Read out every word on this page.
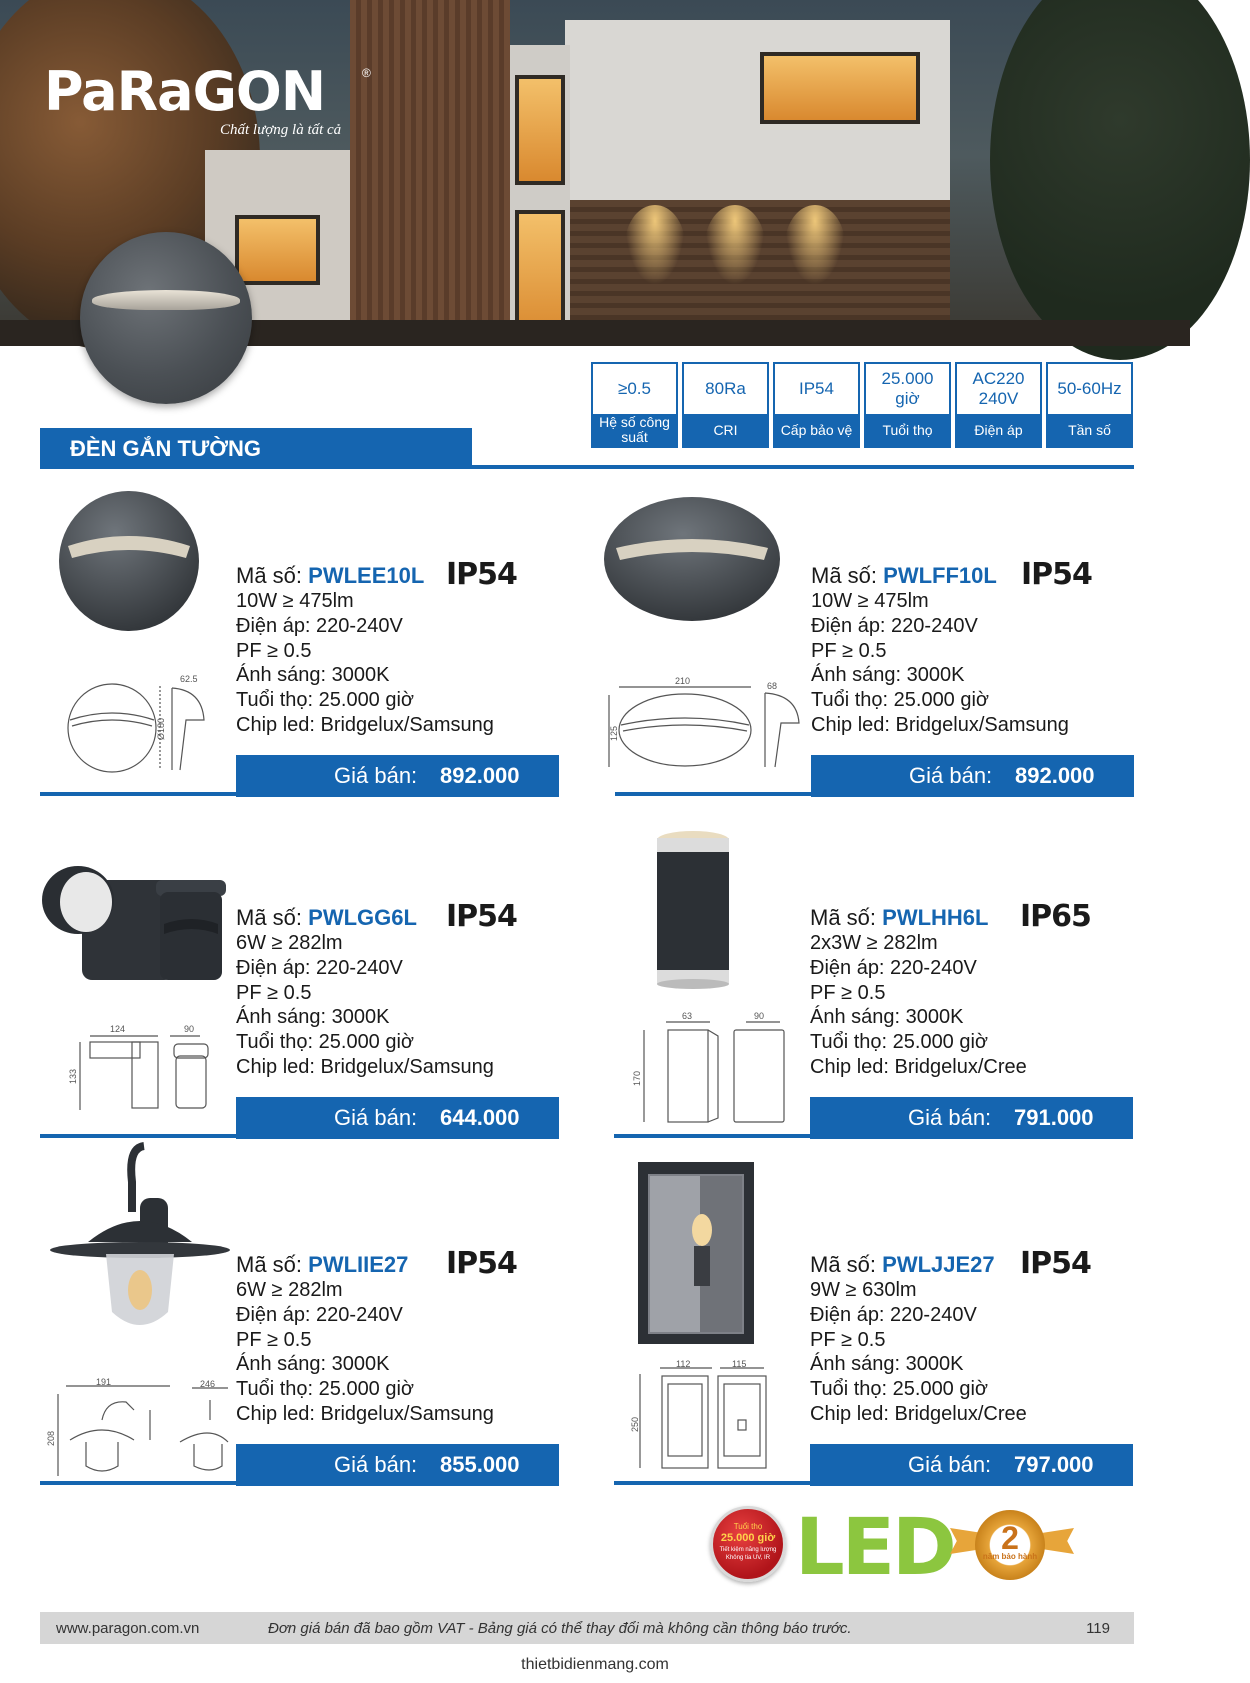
PaRaGON	®
Chất lượng là tất cả
≥0.5
Hệ số công suất
80Ra
CRI
IP54
Cấp bảo vệ
25.000 giờ
Tuổi thọ
AC220 240V
Điện áp
50-60Hz
Tần số
ĐÈN GẮN TƯỜNG
Mã số: PWLEE10L IP54
10W ≥ 475lm
Điện áp: 220-240V
PF ≥ 0.5
Ánh sáng: 3000K
Tuổi thọ: 25.000 giờ
Chip led: Bridgelux/Samsung
Giá bán: 892.000
62.5
Ø180
Mã số: PWLFF10L IP54
10W ≥ 475lm
Điện áp: 220-240V
PF ≥ 0.5
Ánh sáng: 3000K
Tuổi thọ: 25.000 giờ
Chip led: Bridgelux/Samsung
Giá bán: 892.000
210	68
125
Mã số: PWLGG6L IP54
6W ≥ 282lm
Điện áp: 220-240V
PF ≥ 0.5
Ánh sáng: 3000K
Tuổi thọ: 25.000 giờ
Chip led: Bridgelux/Samsung
Giá bán: 644.000
124	90
133
Mã số: PWLHH6L IP65
2x3W ≥ 282lm
Điện áp: 220-240V
PF ≥ 0.5
Ánh sáng: 3000K
Tuổi thọ: 25.000 giờ
Chip led: Bridgelux/Cree
Giá bán: 791.000
63	90
170
Mã số: PWLIIE27 IP54
6W ≥ 282lm
Điện áp: 220-240V
PF ≥ 0.5
Ánh sáng: 3000K
Tuổi thọ: 25.000 giờ
Chip led: Bridgelux/Samsung
Giá bán: 855.000
191	246
208
Mã số: PWLJJE27 IP54
9W ≥ 630lm
Điện áp: 220-240V
PF ≥ 0.5
Ánh sáng: 3000K
Tuổi thọ: 25.000 giờ
Chip led: Bridgelux/Cree
Giá bán: 797.000
112	115
250
Tuổi thọ
25.000 giờ
Tiết kiệm năng lượng
Không tia UV, IR LED	2
năm bảo hành
www.paragon.com.vn	Đơn giá bán đã bao gồm VAT - Bảng giá có thể thay đổi mà không cần thông báo trước.	119
thietbidienmang.com
